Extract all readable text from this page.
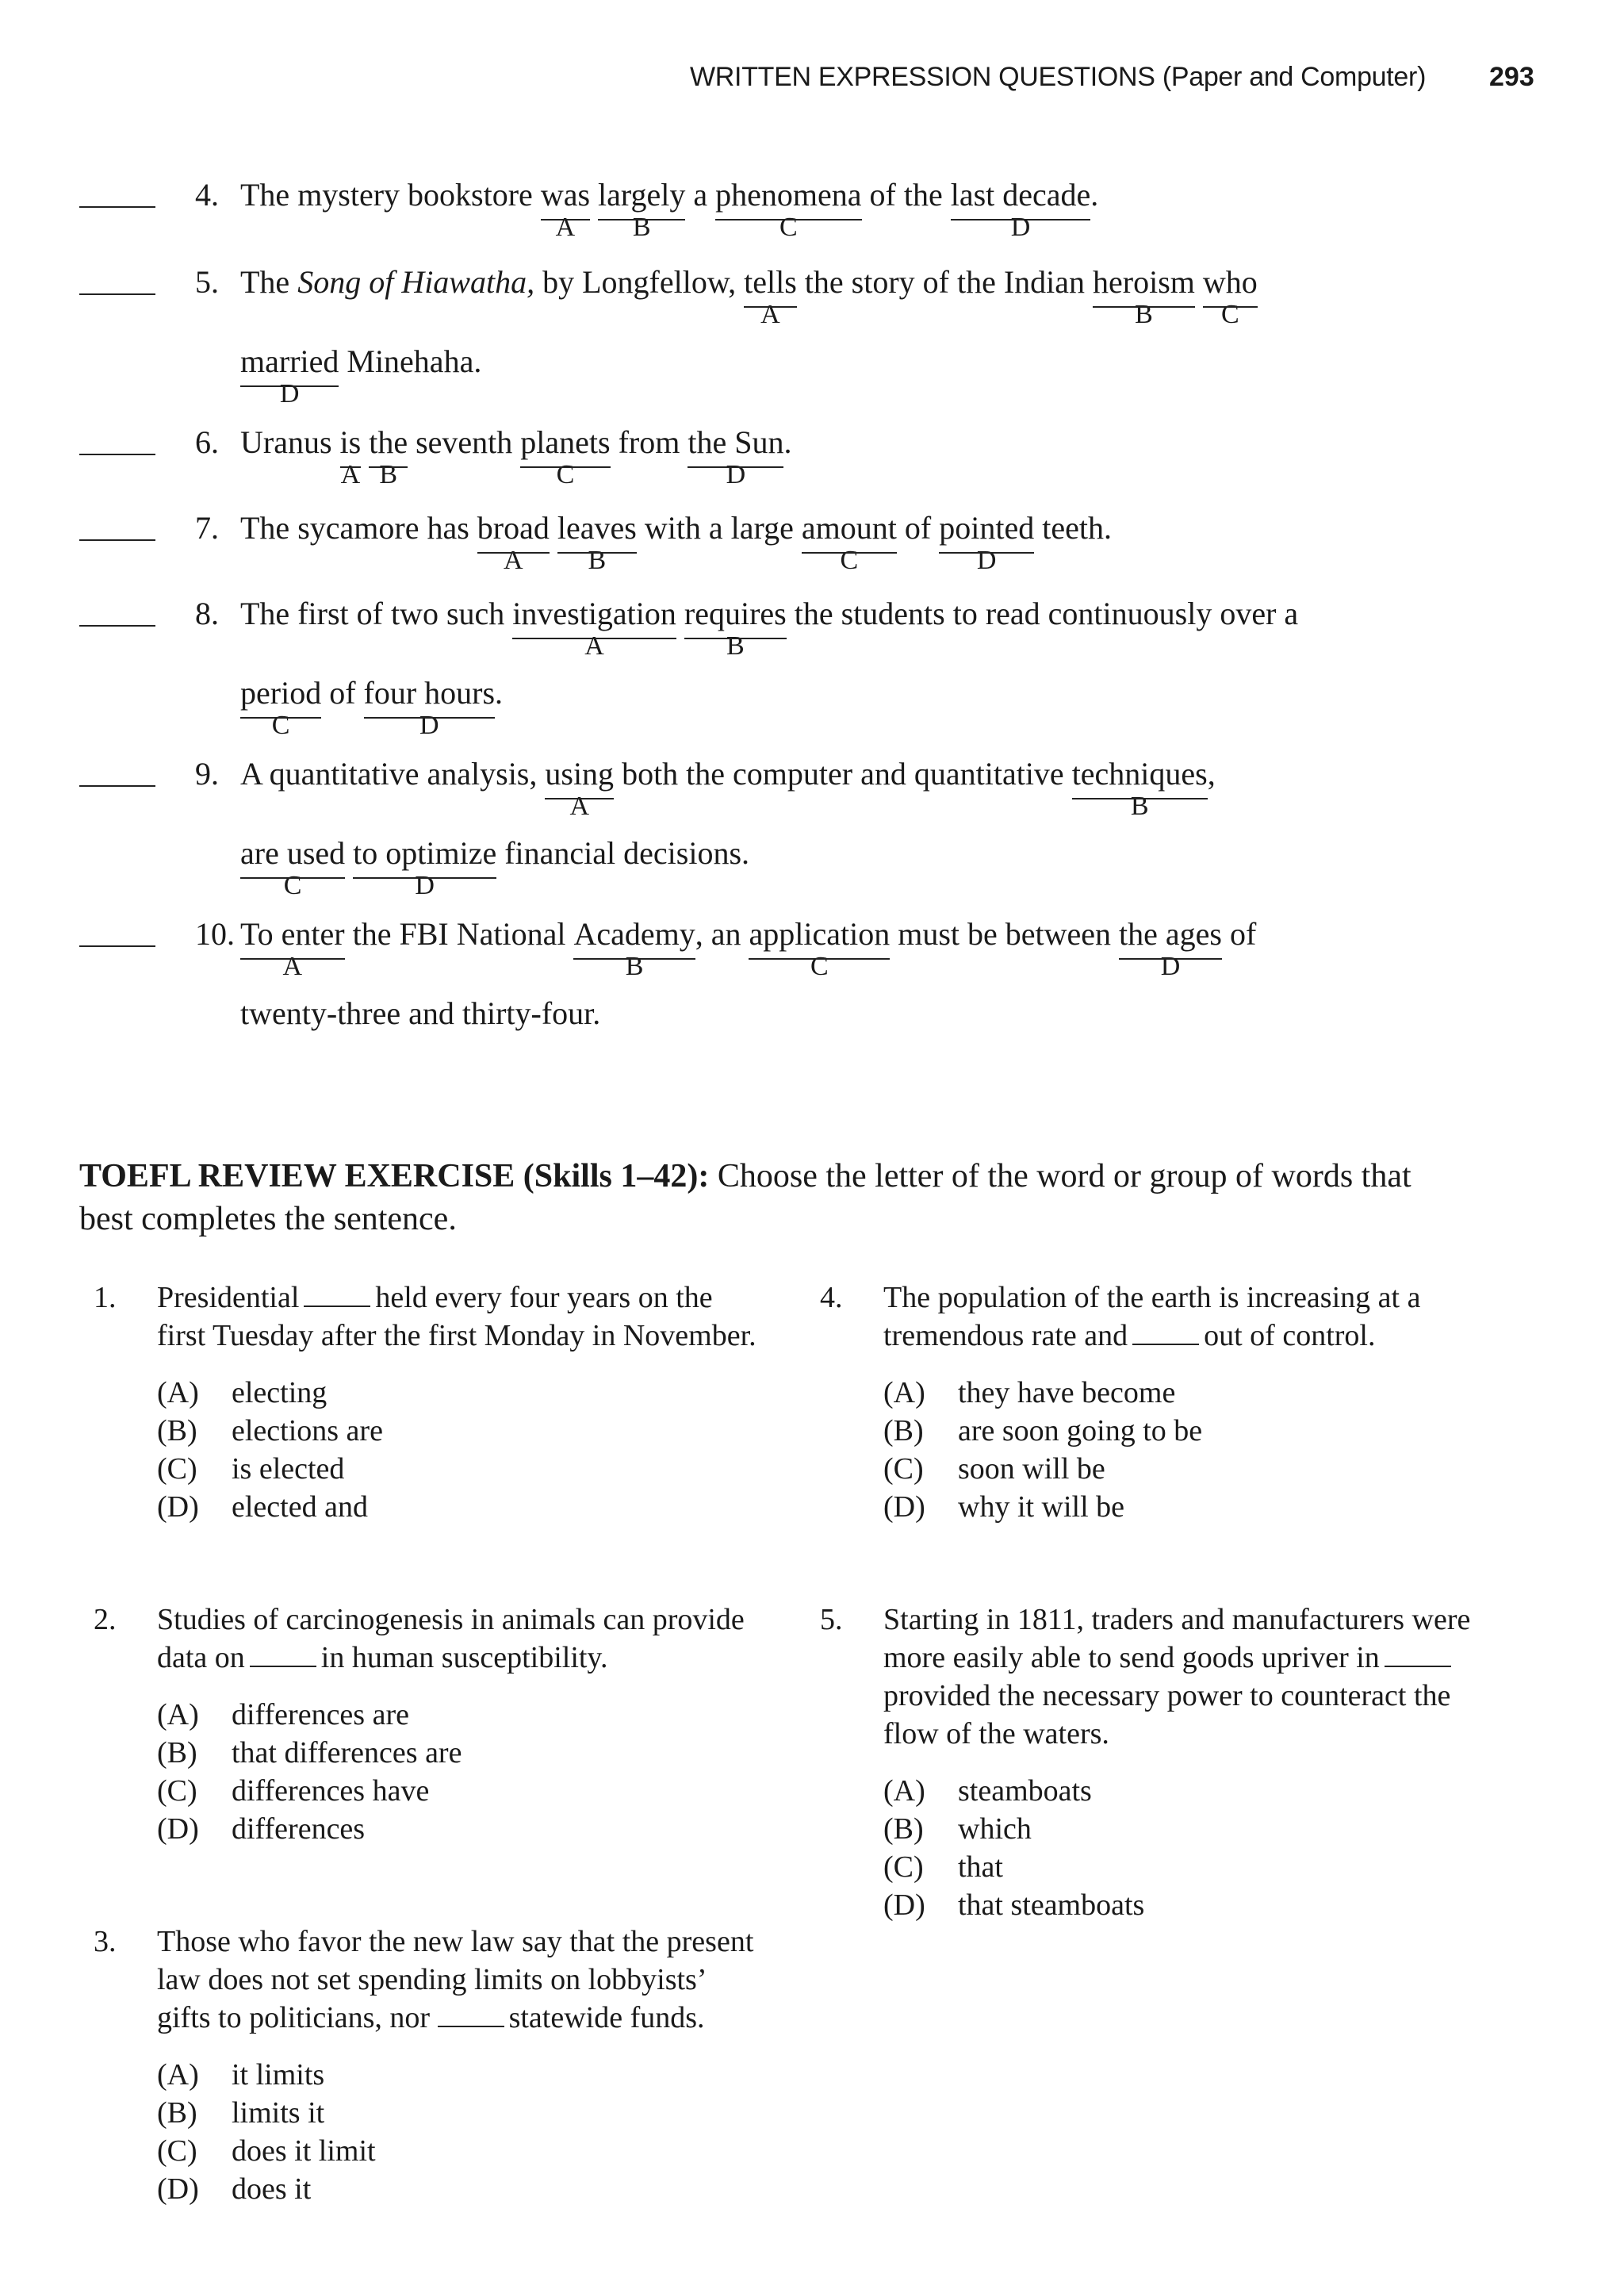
WRITTEN EXPRESSION QUESTIONS (Paper and Computer) 293
4. The mystery bookstore was
A
largely
B
a phenomena
C
of the last decade
D
.
5. The Song of Hiawatha, by Longfellow, tells
A
the story of the Indian heroism
B
who
C
married
D
Minehaha.
6. Uranus is
A
the
B
seventh planets
C
from the Sun
D
.
7. The sycamore has broad
A
leaves
B
with a large amount
C
of pointed
D
teeth.
8. The first of two such investigation
A
requires
B
the students to read continuously over a
period
C
of four hours
D
.
9. A quantitative analysis, using
A
both the computer and quantitative techniques
B
,
are used
C
to optimize
D
financial decisions.
10. To enter
A
the FBI National Academy
B
, an application
C
must be between the ages
D
of
twenty-three and thirty-four.
TOEFL REVIEW EXERCISE (Skills 1–42): Choose the letter of the word or group of words that best completes the sentence.
1. Presidential	held every four years on the first Tuesday after the first Monday in November.
(A)	electing
(B)	elections are
(C)	is elected
(D)	elected and
2. Studies of carcinogenesis in animals can provide data on	in human susceptibility.
(A)	differences are
(B)	that differences are
(C)	differences have
(D)	differences
3. Those who favor the new law say that the present law does not set spending limits on lobbyists’ gifts to politicians, nor	statewide funds.
(A)	it limits
(B)	limits it
(C)	does it limit
(D)	does it
4. The population of the earth is increasing at a tremendous rate and	out of control.
(A)	they have become
(B)	are soon going to be
(C)	soon will be
(D)	why it will be
5. Starting in 1811, traders and manufacturers were more easily able to send goods upriver inprovided the necessary power to counteract the flow of the waters.
(A)	steamboats
(B)	which
(C)	that
(D)	that steamboats
